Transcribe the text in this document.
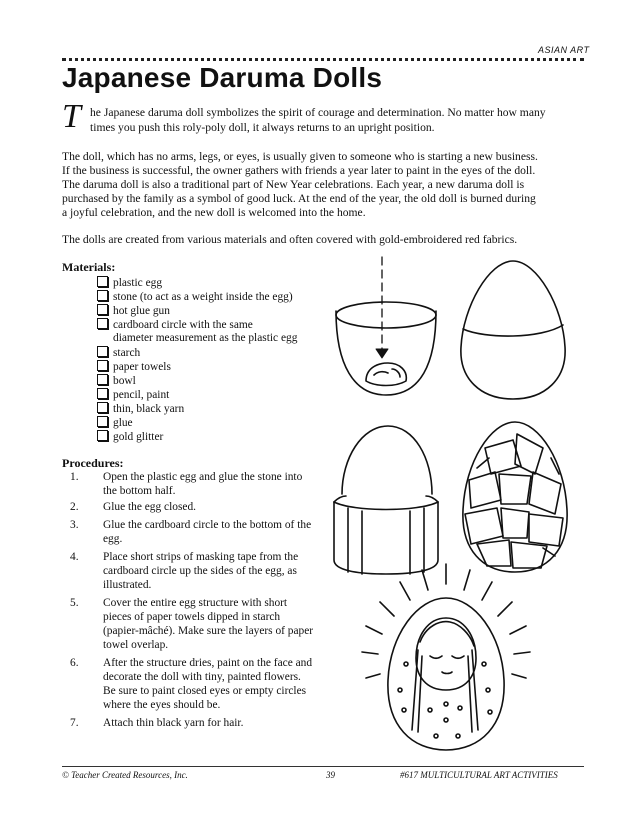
ASIAN ART
Japanese Daruma Dolls
T he Japanese daruma doll symbolizes the spirit of courage and determination. No matter how many
times you push this roly-poly doll, it always returns to an upright position.
The doll, which has no arms, legs, or eyes, is usually given to someone who is starting a new business.
If the business is successful, the owner gathers with friends a year later to paint in the eyes of the doll.
The daruma doll is also a traditional part of New Year celebrations. Each year, a new daruma doll is
purchased by the family as a symbol of good luck. At the end of the year, the old doll is burned during
a joyful celebration, and the new doll is welcomed into the home.
The dolls are created from various materials and often covered with gold-embroidered red fabrics.
Materials:
plastic egg
stone (to act as a weight inside the egg)
hot glue gun
cardboard circle with the same
diameter measurement as the plastic egg
starch
paper towels
bowl
pencil, paint
thin, black yarn
glue
gold glitter
Procedures:
1. Open the plastic egg and glue the stone into
the bottom half.
2. Glue the egg closed.
3. Glue the cardboard circle to the bottom of the
egg.
4. Place short strips of masking tape from the
cardboard circle up the sides of the egg, as
illustrated.
5. Cover the entire egg structure with short
pieces of paper towels dipped in starch
(papier-mâché). Make sure the layers of paper
towel overlap.
6. After the structure dries, paint on the face and
decorate the doll with tiny, painted flowers.
Be sure to paint closed eyes or empty circles
where the eyes should be.
7. Attach thin black yarn for hair.
© Teacher Created Resources, Inc.	39	#617 MULTICULTURAL ART ACTIVITIES
